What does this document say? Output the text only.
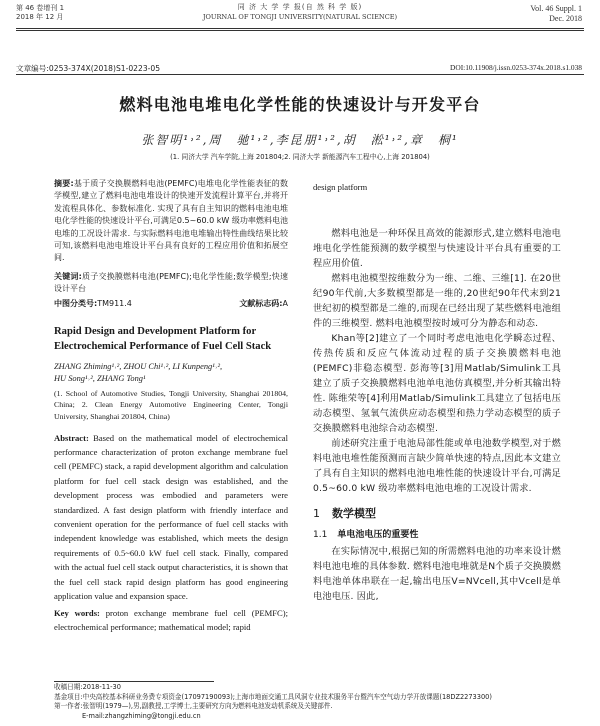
第 46 卷增刊 1
2018 年 12 月
同 济 大 学 学 报(自 然 科 学 版)
JOURNAL OF TONGJI UNIVERSITY(NATURAL SCIENCE)
Vol. 46 Suppl. 1
Dec. 2018
文章编号:0253-374X(2018)S1-0223-05	DOI:10.11908/j.issn.0253-374x.2018.s1.038
燃料电池电堆电化学性能的快速设计与开发平台
张智明¹˒²,周　驰¹˒²,李昆朋¹˒²,胡　淞¹˒²,章　桐¹
(1. 同济大学 汽车学院,上海 201804;2. 同济大学 新能源汽车工程中心,上海 201804)

摘要:基于质子交换膜燃料电池(PEMFC)电堆电化学性能表征的数学模型,建立了燃料电池电堆设计的快速开发流程计算平台,并将开发流程具体化、参数标准化. 实现了具有自主知识的燃料电池电堆电化学性能的快速设计平台,可满足0.5~60.0 kW 级功率燃料电池电堆的工况设计需求. 与实际燃料电池电堆输出特性曲线结果比较可知,该燃料电池电堆设计平台具有良好的工程应用价值和拓展空间.

关键词:质子交换膜燃料电池(PEMFC);电化学性能;数学模型;快速设计平台

中图分类号:TM911.4	文献标志码:A

Rapid Design and Development Platform for Electrochemical Performance of Fuel Cell Stack

ZHANG Zhiming¹˒², ZHOU Chi¹˒², LI Kunpeng¹˒²,
HU Song¹˒², ZHANG Tong¹

(1. School of Automotive Studies, Tongji University, Shanghai 201804, China; 2. Clean Energy Automotive Engineering Center, Tongji University, Shanghai 201804, China)

Abstract: Based on the mathematical model of electrochemical performance characterization of proton exchange membrane fuel cell (PEMFC) stack, a rapid development algorithm and calculation platform for fuel cell stack design was established, and the development process was embodied and parameters were standardized. A fast design platform with friendly interface and convenient operation for the performance of fuel cell stacks with independent knowledge was established, which meets the design requirements of 0.5~60.0 kW fuel cell stack. Finally, compared with the actual fuel cell stack output characteristics, it is shown that the fuel cell stack rapid design platform has good engineering application value and expansion space.

Key words: proton exchange membrane fuel cell (PEMFC); electrochemical performance; mathematical model; rapid

design platform

燃料电池是一种环保且高效的能源形式,建立燃料电池电堆电化学性能预测的数学模型与快速设计平台具有重要的工程应用价值.

燃料电池模型按维数分为一维、二维、三维[1]. 在20世纪90年代前,大多数模型都是一维的,20世纪90年代末到21世纪初的模型都是二维的,而现在已经出现了某些燃料电池组件的三维模型. 燃料电池模型按时域可分为静态和动态.

Khan等[2]建立了一个同时考虑电池电化学瞬态过程、传热传质和反应气体流动过程的质子交换膜燃料电池(PEMFC)非稳态模型. 彭海等[3]用Matlab/Simulink工具建立了质子交换膜燃料电池单电池仿真模型,并分析其输出特性. 陈维荣等[4]利用Matlab/Simulink工具建立了包括电压动态模型、氢氧气流供应动态模型和热力学动态模型的质子交换膜燃料电池综合动态模型.

前述研究注重于电池局部性能或单电池数学模型,对于燃料电池电堆性能预测而言缺少简单快速的特点,因此本文建立了具有自主知识的燃料电池电堆性能的快速设计平台,可满足0.5~60.0 kW 级功率燃料电池电堆的工况设计需求.

1 数学模型
1.1 单电池电压的重要性

在实际情况中,根据已知的所需燃料电池的功率来设计燃料电池电堆的具体参数. 燃料电池电堆就是N个质子交换膜燃料电池单体串联在一起,输出电压V=NVcell,其中Vcell是单电池电压. 因此,

收稿日期:2018-11-30
基金项目:中央高校基本科研业务费专项资金(17097190093);上海市地面交通工具风洞专业技术服务平台暨汽车空气动力学开放课题(18DZ2273300)
第一作者:张智明(1979—),男,副教授,工学博士,主要研究方向为燃料电池发动机系统及关键部件.
E-mail:zhangzhiming@tongji.edu.cn
